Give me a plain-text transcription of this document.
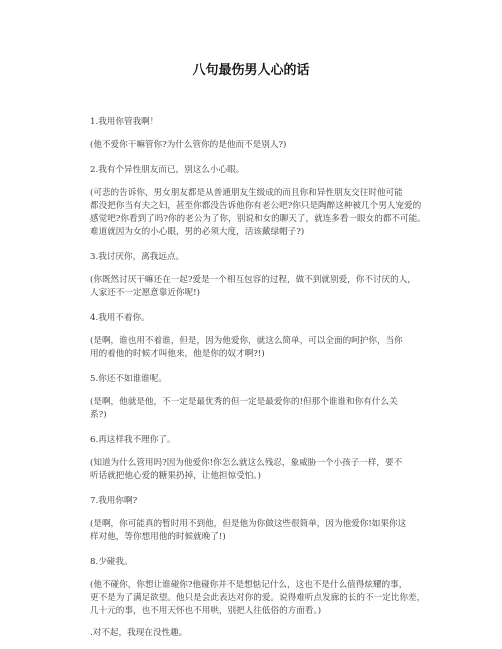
八句最伤男人心的话

1.我用你管我啊！

(他不爱你干嘛管你?为什么管你的是他而不是别人?)

2.我有个异性朋友而已，别这么小心眼。

(可悲的告诉你，男女朋友都是从普通朋友生级成的而且你和异性朋友交往时他可能

都没把你当有夫之妇，甚至你都没告诉他你有老公吧?你只是陶醉这种被几个男人宠爱的

感觉吧?你看到了吗?你的老公为了你，别说和女的聊天了，就连多看一眼女的都不可能。

难道就因为女的小心眼，男的必须大度，活该戴绿帽子?)

3.我讨厌你，离我远点。

(你既然讨厌干嘛还在一起?爱是一个相互包容的过程，做不到就别爱，你不讨厌的人，

人家还不一定愿意靠近你呢!)

4.我用不着你。

(是啊，谁也用不着谁，但是，因为他爱你，就这么简单，可以全面的呵护你，当你

用的着他的时候才叫他来，他是你的奴才啊?!)

5.你还不如谁谁呢。

(是啊，他就是他，不一定是最优秀的但一定是最爱你的!但那个谁谁和你有什么关

系?)

6.再这样我不理你了。

(知道为什么管用吗?因为他爱你!你怎么就这么残忍，象威胁一个小孩子一样，要不

听话就把他心爱的糖果扔掉，让他担惊受怕。)

7.我用你啊?

(是啊，你可能真的暂时用不到他，但是他为你做这些很简单，因为他爱你!如果你这

样对他，等你想用他的时候就晚了!)

8.少碰我。

(他不碰你，你想让谁碰你?他碰你并不是想惦记什么，这也不是什么值得炫耀的事，

更不是为了满足欲望。他只是会此表达对你的爱。说得难听点发廊的长的不一定比你差，

几十元的事，也不用天怀也不用哄，别把人往低俗的方面看。)

.对不起，我现在没性趣。
